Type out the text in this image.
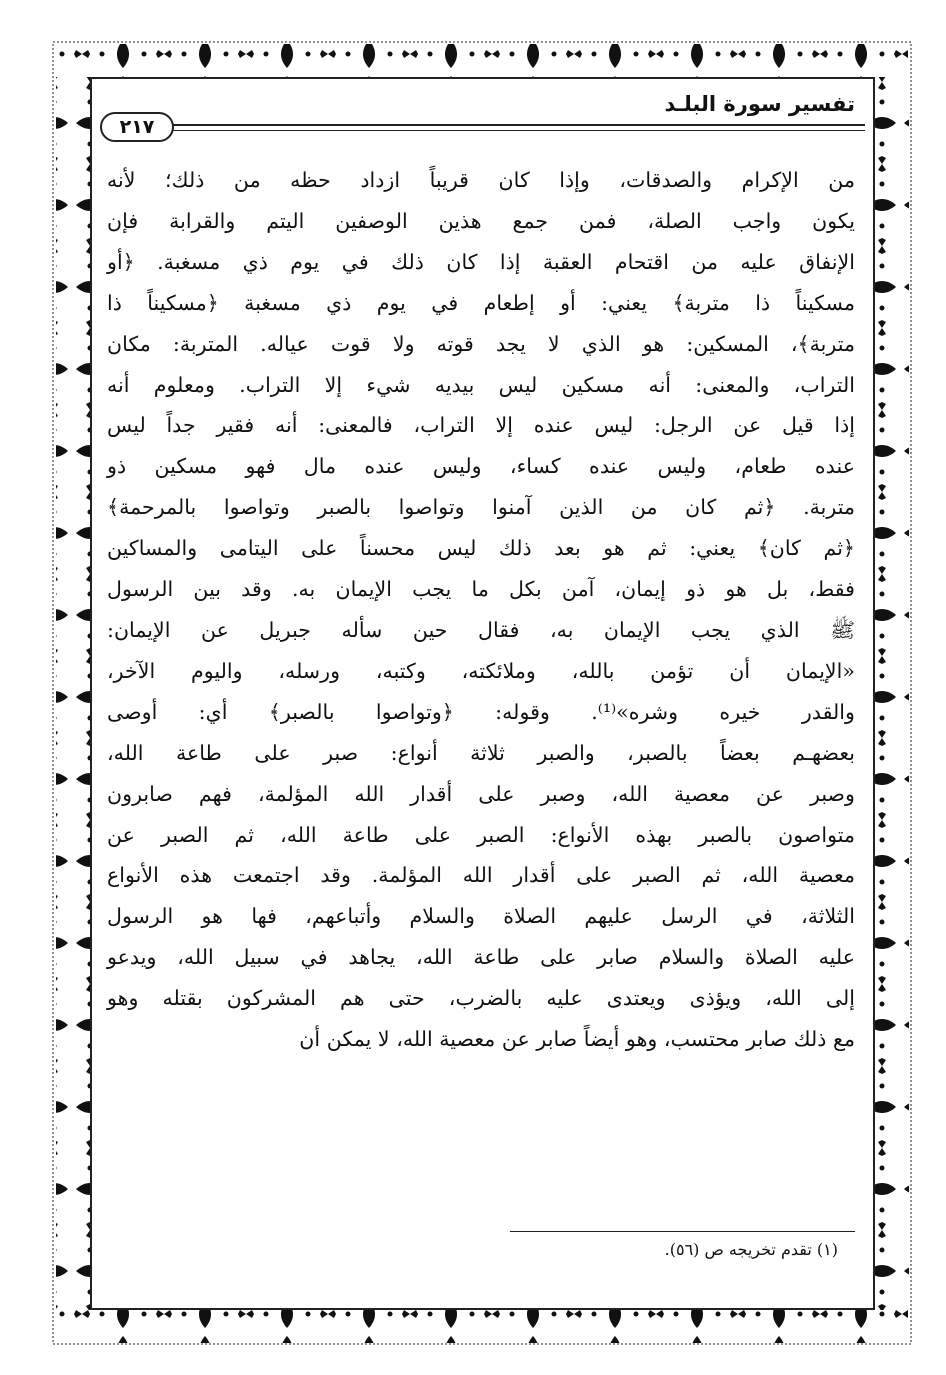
تفسير سورة البلـد
٢١٧
من الإكرام والصدقات، وإذا كان قريباً ازداد حظه من ذلك؛ لأنه
يكون واجب الصلة، فمن جمع هذين الوصفين اليتم والقرابة فإن
الإنفاق عليه من اقتحام العقبة إذا كان ذلك في يوم ذي مسغبة. ﴿أو
مسكيناً ذا متربة﴾ يعني: أو إطعام في يوم ذي مسغبة ﴿مسكيناً ذا
متربة﴾، المسكين: هو الذي لا يجد قوته ولا قوت عياله. المتربة: مكان
التراب، والمعنى: أنه مسكين ليس بيديه شيء إلا التراب. ومعلوم أنه
إذا قيل عن الرجل: ليس عنده إلا التراب، فالمعنى: أنه فقير جداً ليس
عنده طعام، وليس عنده كساء، وليس عنده مال فهو مسكين ذو
متربة. ﴿ثم كان من الذين آمنوا وتواصوا بالصبر وتواصوا بالمرحمة﴾
﴿ثم كان﴾ يعني: ثم هو بعد ذلك ليس محسناً على اليتامى والمساكين
فقط، بل هو ذو إيمان، آمن بكل ما يجب الإيمان به. وقد بين الرسول
ﷺ الذي يجب الإيمان به، فقال حين سأله جبريل عن الإيمان:
«الإيمان أن تؤمن بالله، وملائكته، وكتبه، ورسله، واليوم الآخر،
والقدر خيره وشره»⁽¹⁾. وقوله: ﴿وتواصوا بالصبر﴾ أي: أوصى
بعضهـم بعضاً بالصبر، والصبر ثلاثة أنواع: صبر على طاعة الله،
وصبر عن معصية الله، وصبر على أقدار الله المؤلمة، فهم صابرون
متواصون بالصبر بهذه الأنواع: الصبر على طاعة الله، ثم الصبر عن
معصية الله، ثم الصبر على أقدار الله المؤلمة. وقد اجتمعت هذه الأنواع
الثلاثة، في الرسل عليهم الصلاة والسلام وأتباعهم، فها هو الرسول
عليه الصلاة والسلام صابر على طاعة الله، يجاهد في سبيل الله، ويدعو
إلى الله، ويؤذى ويعتدى عليه بالضرب، حتى هم المشركون بقتله وهو
مع ذلك صابر محتسب، وهو أيضاً صابر عن معصية الله، لا يمكن أن
(١) تقدم تخريجه ص (٥٦).
